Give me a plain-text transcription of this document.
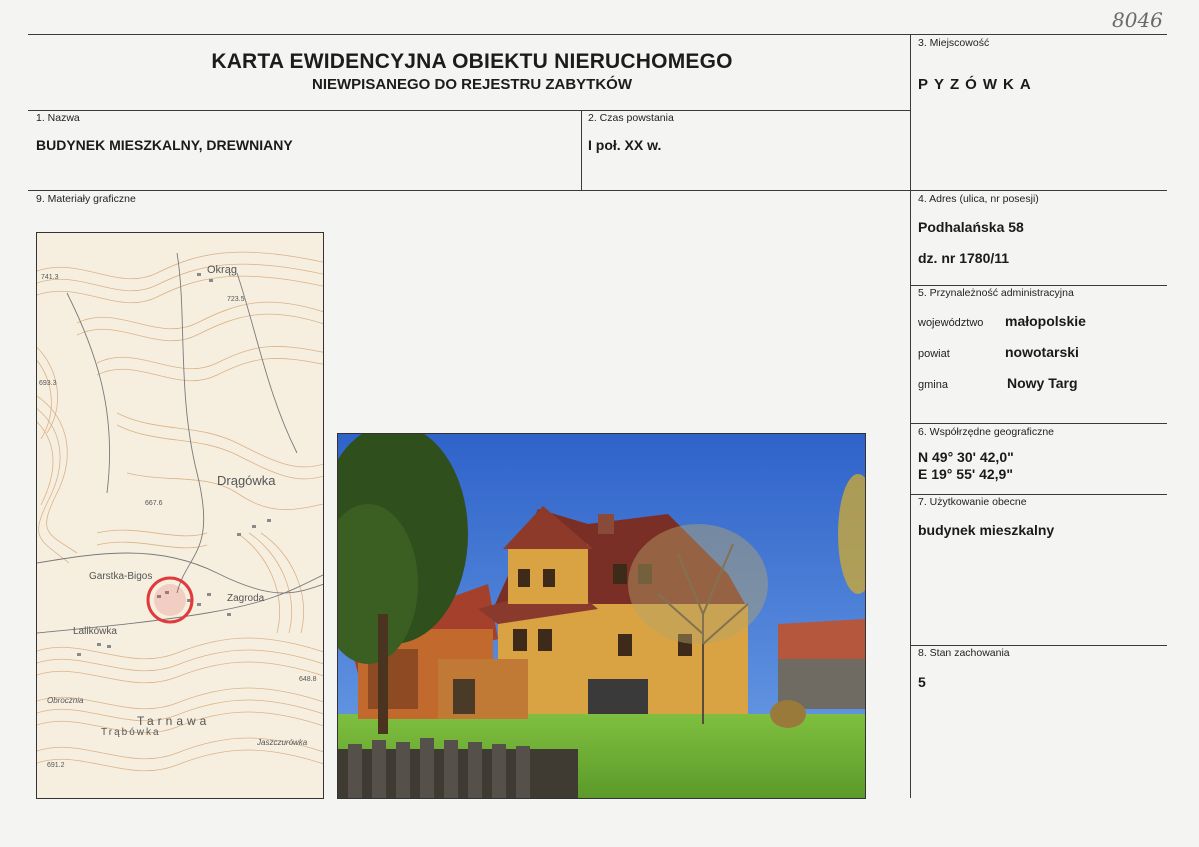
8046
KARTA EWIDENCYJNA OBIEKTU NIERUCHOMEGO
NIEWPISANEGO DO REJESTRU ZABYTKÓW
3. Miejscowość
PYZÓWKA
1. Nazwa
BUDYNEK MIESZKALNY, DREWNIANY
2. Czas powstania
I poł. XX w.
9. Materiały graficzne	4. Adres (ulica, nr posesji)
Podhalańska 58
dz. nr 1780/11
5. Przynależność administracyjna
województwo małopolskie
powiat	nowotarski
gmina	Nowy Targ
6. Współrzędne geograficzne
N 49° 30' 42,0"
E 19° 55' 42,9"
7. Użytkowanie obecne
budynek mieszkalny
8. Stan zachowania
5
Okrąg
Drągówka
Garstka-Bigos
Zagroda
Lalikówka
Tarnawa
Trąbówka
Jaszczurówka
Obrocznia
741.3
723.5
693.3
667.6
648.8
691.2
